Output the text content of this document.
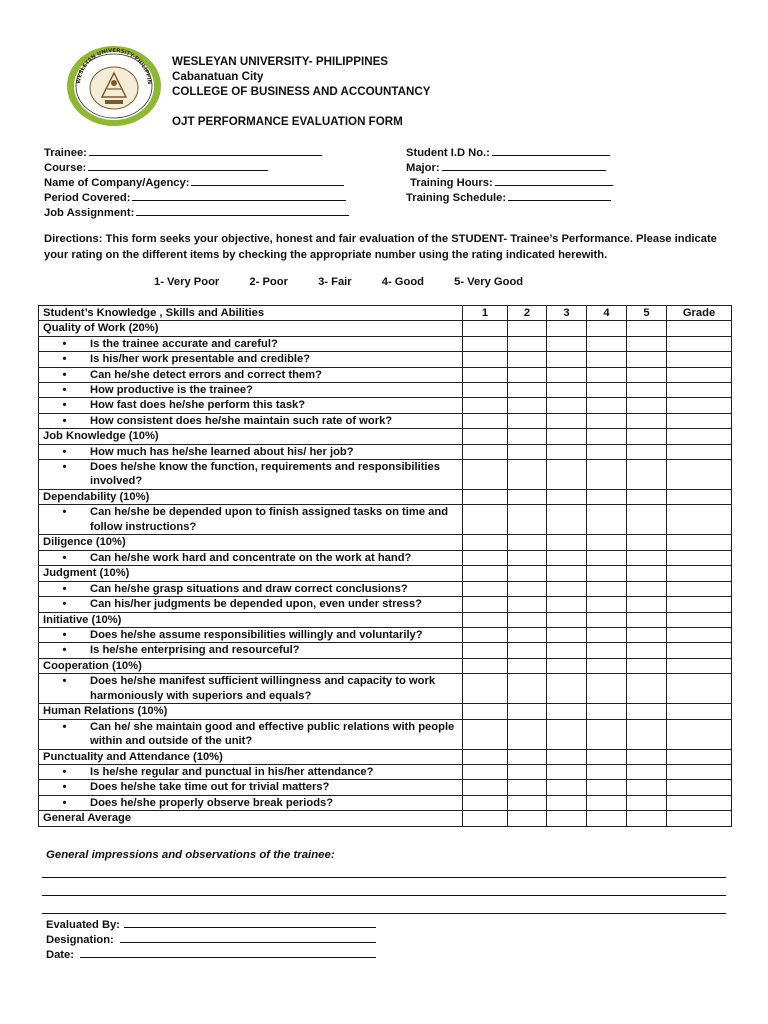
WESLEYAN UNIVERSITY-PHILIPPIN
WESLEYAN UNIVERSITY- PHILIPPINES
Cabanatuan City
COLLEGE OF BUSINESS AND ACCOUNTANCY
OJT PERFORMANCE EVALUATION FORM
Trainee:
Course:
Name of Company/Agency:
Period Covered:
Job Assignment:
Student I.D No.:
Major:
Training Hours:
Training Schedule:
Directions: This form seeks your objective, honest and fair evaluation of the STUDENT- Trainee’s Performance. Please indicate your rating on the different items by checking the appropriate number using the rating indicated herewith.
1- Very Poor	2- Poor	3- Fair	4- Good	5- Very Good
Student’s Knowledge , Skills and Abilities	1	2	3	4	5	Grade
Quality of Work (20%)						
• Is the trainee accurate and careful?						
• Is his/her work presentable and credible?						
• Can he/she detect errors and correct them?						
• How productive is the trainee?						
• How fast does he/she perform this task?						
• How consistent does he/she maintain such rate of work?						
Job Knowledge (10%)						
• How much has he/she learned about his/ her job?						
• Does he/she know the function, requirements and responsibilities involved?						
Dependability (10%)						
• Can he/she be depended upon to finish assigned tasks on time and follow instructions?						
Diligence (10%)						
• Can he/she work hard and concentrate on the work at hand?						
Judgment (10%)						
• Can he/she grasp situations and draw correct conclusions?						
• Can his/her judgments be depended upon, even under stress?						
Initiative (10%)						
• Does he/she assume responsibilities willingly and voluntarily?						
• Is he/she enterprising and resourceful?						
Cooperation (10%)						
• Does he/she manifest sufficient willingness and capacity to work harmoniously with superiors and equals?						
Human Relations (10%)						
• Can he/ she maintain good and effective public relations with people within and outside of the unit?						
Punctuality and Attendance (10%)						
• Is he/she regular and punctual in his/her attendance?						
• Does he/she take time out for trivial matters?						
• Does he/she properly observe break periods?						
General Average						
General impressions and observations of the trainee:
Evaluated By:
Designation:
Date:
